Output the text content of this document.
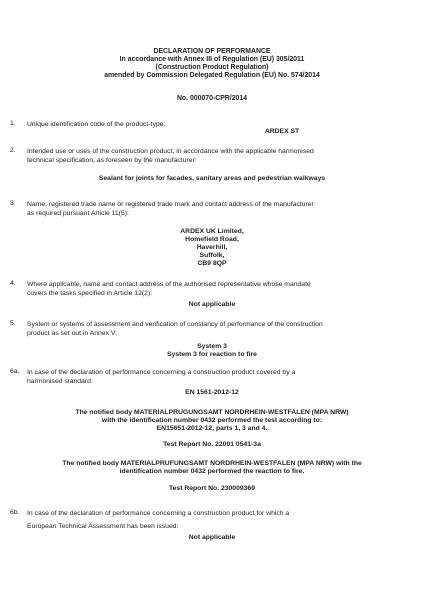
DECLARATION OF PERFORMANCE
In accordance with Annex III of Regulation (EU) 305/2011
(Construction Product Regulation)
amended by Commission Delegated Regulation (EU) No. 574/2014
No. 000070-CPR/2014
1. Unique identification code of the product-type:
ARDEX ST
2. Intended use or uses of the construction product, in accordance with the applicable harmonised
technical specification, as foreseen by the manufacturer:
Sealant for joints for facades, sanitary areas and pedestrian walkways
3. Name, registered trade name or registered trade mark and contact address of the manufacturer
as required pursuant Article 11(5):
ARDEX UK Limited,
Homefield Road,
Haverhill,
Suffolk,
CB9 8QP
4. Where applicable, name and contact address of the authorised representative whose mandate
covers the tasks specified in Article 12(2):
Not applicable
5. System or systems of assessment and verification of constancy of performance of the construction
product as set out in Annex V:
System 3
System 3 for reaction to fire
6a. In case of the declaration of performance concerning a construction product covered by a
harmonised standard:
EN 1561-2012-12
The notified body MATERIALPRUGUNGSAMT NORDRHEIN-WESTFALEN (MPA NRW)
with the identification number 0432 performed the test according to:
EN15651-2012-12, parts 1, 3 and 4.
Test Report No. 22001 0541-3a
The notified body MATERIALPRUFUNGSAMT NORDRHEIN-WESTFALEN (MPA NRW) with the
identification number 0432 performed the reaction to fire.
Test Report No. 230009369
6b. In case of the declaration of performance concerning a construction product for which a
European Technical Assessment has been issued:
Not applicable
